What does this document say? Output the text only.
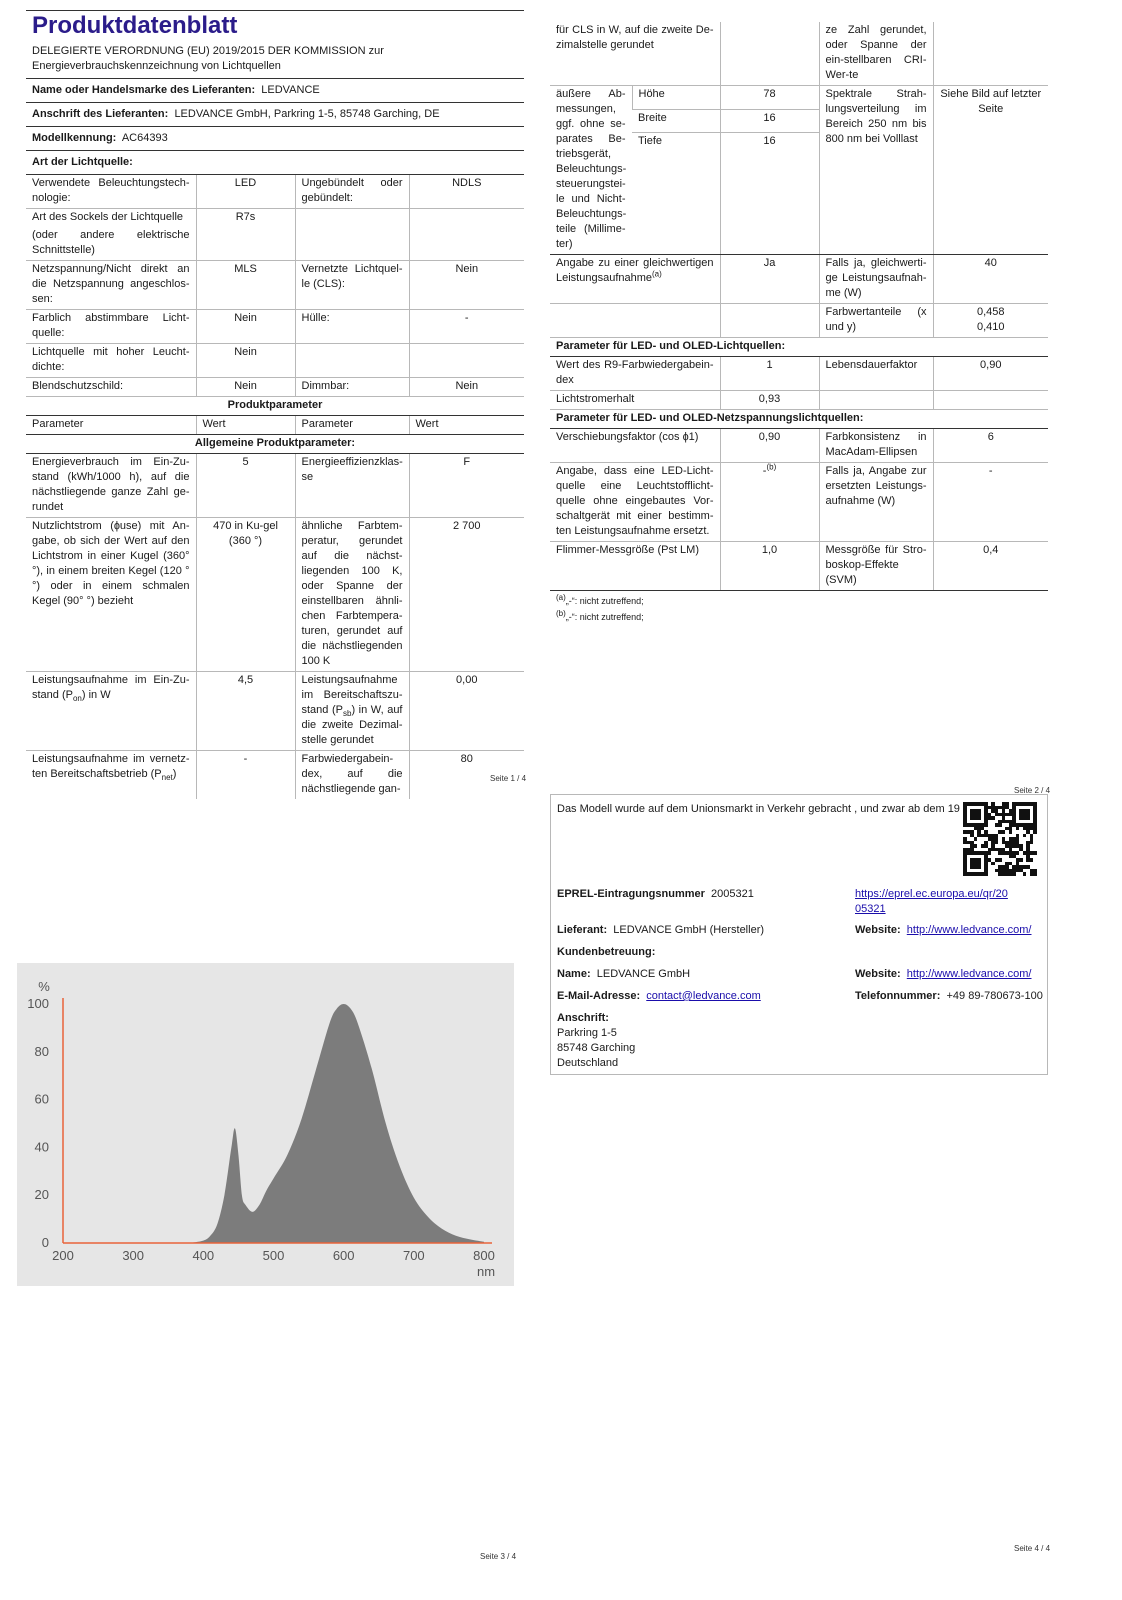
Produktdatenblatt
DELEGIERTE VERORDNUNG (EU) 2019/2015 DER KOMMISSION zur
Energieverbrauchskennzeichnung von Lichtquellen
Name oder Handelsmarke des Lieferanten: LEDVANCE			
Anschrift des Lieferanten: LEDVANCE GmbH, Parkring 1-5, 85748 Garching, DE			
Modellkennung: AC64393			
Art der Lichtquelle:			
Verwendete Beleuchtungstech-nologie:	LED	Ungebündelt oder gebündelt:	NDLS

Art des Sockels der Lichtquelle
(oder andere elektrische Schnittstelle)	R7s		
Netzspannung/Nicht direkt an die Netzspannung angeschlos-sen:	MLS	Vernetzte Lichtquel-le (CLS):	Nein
Farblich abstimmbare Licht-quelle:	Nein	Hülle:	-
Lichtquelle mit hoher Leucht-dichte:	Nein		
Blendschutzschild:	Nein	Dimmbar:	Nein
Produktparameter			
Parameter	Wert	Parameter	Wert
Allgemeine Produktparameter:			
Energieverbrauch im Ein-Zu-stand (kWh/1000 h), auf die nächstliegende ganze Zahl ge-rundet	5	Energieeffizienzklas-se	F
Nutzlichtstrom (ɸuse) mit An-gabe, ob sich der Wert auf den Lichtstrom in einer Kugel (360° °), in einem breiten Kegel (120 °°) oder in einem schmalen Kegel (90° °) bezieht	470 in Ku-gel (360 °)	ähnliche Farbtem-peratur, gerundet auf die nächst-liegenden 100 K, oder Spanne der einstellbaren ähnli-chen Farbtempera-turen, gerundet auf die nächstliegenden 100 K	2 700
Leistungsaufnahme im Ein-Zu-stand $(P_{on})$ in W	4,5	Leistungsaufnahme im Bereitschaftszu-stand $(P_{sb})$ in W, auf die zweite Dezimal-stelle gerundet	0,00
Leistungsaufnahme im vernetz-ten Bereitschaftsbetrieb $(P_{net})$	-	Farbwiedergabein-dex, auf die nächstliegende gan-	80
Seite 1 / 4
für CLS in W, auf die zweite De-zimalstelle gerundet			ze Zahl gerundet, oder Spanne der ein-stellbaren CRI-Wer-te	
äußere Ab-messungen, ggf. ohne se-parates Be-triebsgerät, Beleuchtungs-steuerungstei-le und Nicht-Beleuchtungs-teile (Millime-ter)	Höhe	78	Spektrale Strah-lungsverteilung im Bereich 250 nm bis 800 nm bei Volllast	Siehe Bild auf letzter Seite
	Breite	16		
	Tiefe	16		
Angabe zu einer gleichwertigen Leistungsaufnahme$^{(a)}$		Ja	Falls ja, gleichwerti-ge Leistungsaufnah-me (W)	40
			Farbwertanteile (x und y)	0,458
0,410

Parameter für LED- und OLED-Lichtquellen:				
Wert des R9-Farbwiedergabein-dex		1	Lebensdauerfaktor	0,90
Lichtstromerhalt		0,93		
Parameter für LED- und OLED-Netzspannungslichtquellen:				
Verschiebungsfaktor (cos ɸ1)		0,90	Farbkonsistenz in MacAdam-Ellipsen	6
Angabe, dass eine LED-Licht-quelle eine Leuchtstofflicht-quelle ohne eingebautes Vor-schaltgerät mit einer bestimm-ten Leistungsaufnahme ersetzt.		-$^{(b)}$	Falls ja, Angabe zur ersetzten Leistungs-aufnahme (W)	-
Flimmer-Messgröße (Pst LM)		1,0	Messgröße für Stro-boskop-Effekte (SVM)	0,4
$^{(a)}$„-“: nicht zutreffend;
$^{(b)}$„-“: nicht zutreffend;
Seite 2 / 4
200	300	400	500	600	700	800
0
20
40
60
80
100
%
nm
Seite 3 / 4
Das Modell wurde auf dem Unionsmarkt in Verkehr gebracht , und zwar ab dem 19
EPREL-Eintragungsnummer 2005321	https://eprel.ec.europa.eu/qr/20
05321
Lieferant: LEDVANCE GmbH (Hersteller)	Website: http://www.ledvance.com/
Kundenbetreuung:
Name: LEDVANCE GmbH	Website: http://www.ledvance.com/
E-Mail-Adresse: contact@ledvance.com	Telefonnummer: +49 89-780673-100
Anschrift:
Parkring 1-5
85748 Garching
Deutschland
Seite 4 / 4
